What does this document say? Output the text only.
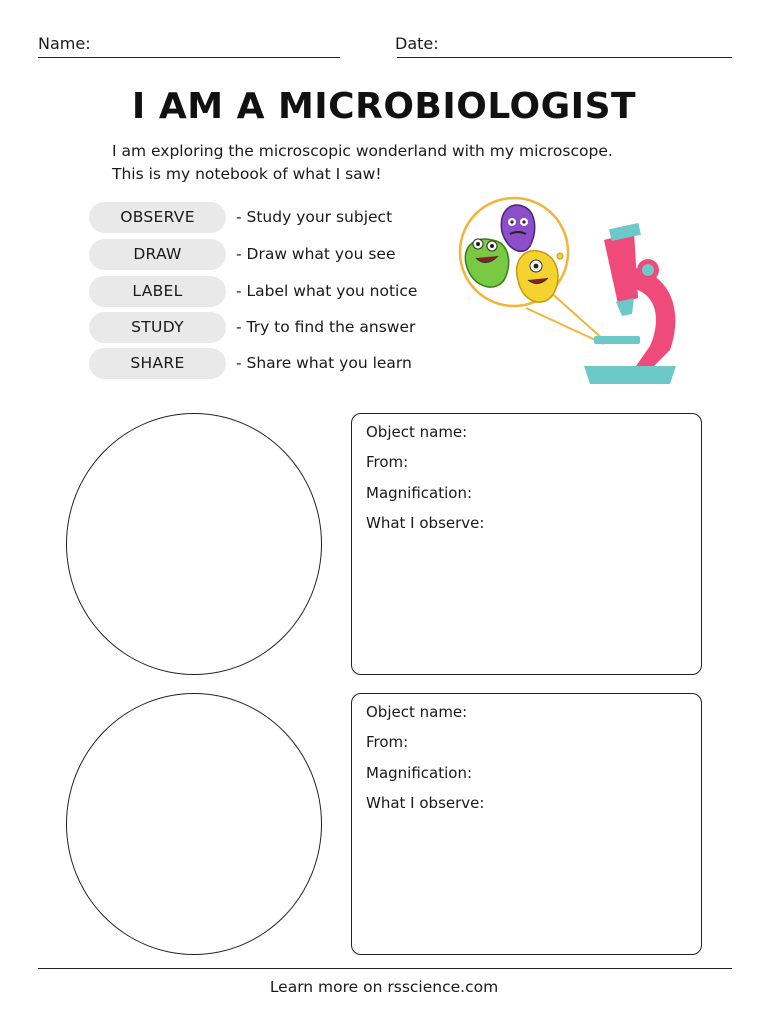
Name:	Date:
I AM A MICROBIOLOGIST
I am exploring the microscopic wonderland with my microscope.
This is my notebook of what I saw!
OBSERVE	- Study your subject
DRAW	- Draw what you see
LABEL	- Label what you notice
STUDY	- Try to find the answer
SHARE	- Share what you learn
Object name:
From:
Magnification:
What I observe:
Object name:
From:
Magnification:
What I observe:
Learn more on rsscience.com
